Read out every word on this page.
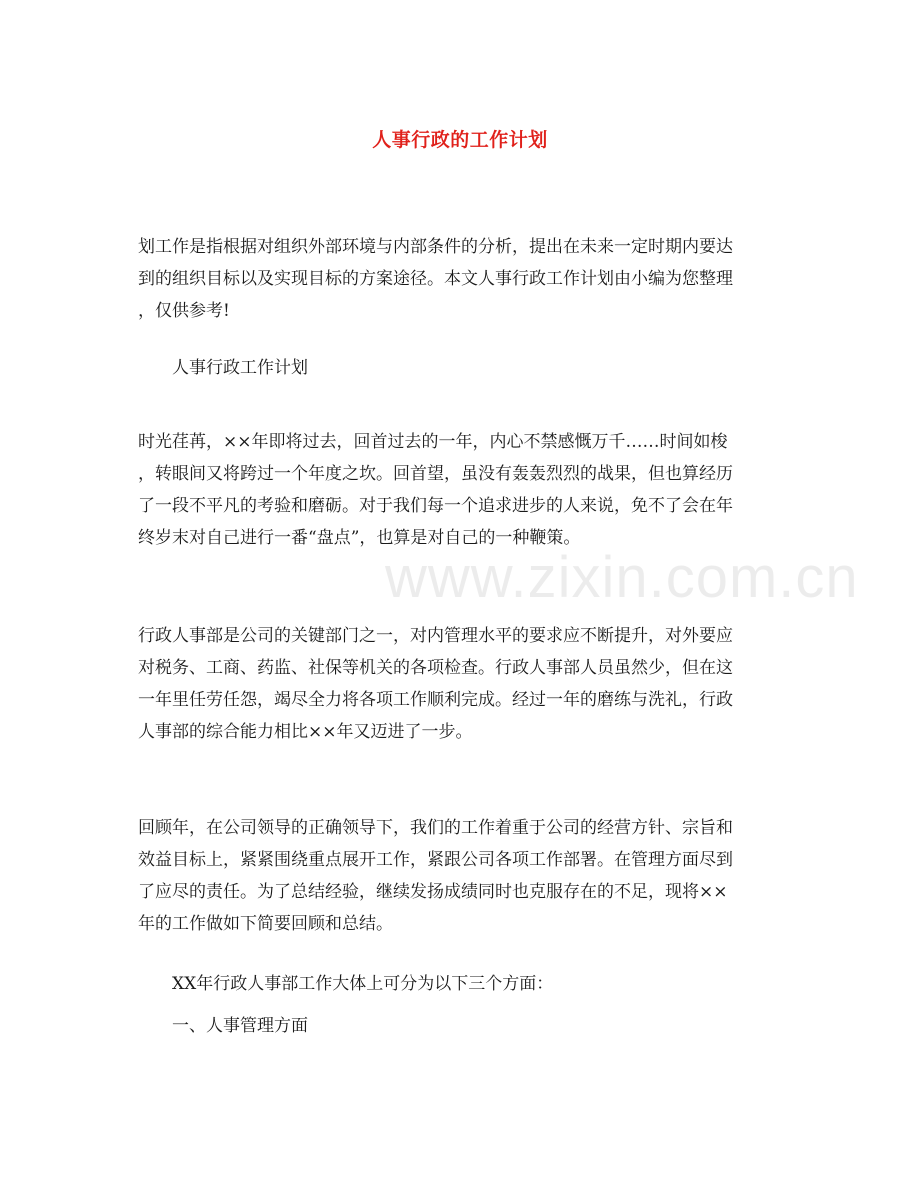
人事行政的工作计划
划工作是指根据对组织外部环境与内部条件的分析，提出在未来一定时期内要达
到的组织目标以及实现目标的方案途径。本文人事行政工作计划由小编为您整理
，仅供参考!
人事行政工作计划
时光荏苒，××年即将过去，回首过去的一年，内心不禁感慨万千……时间如梭
，转眼间又将跨过一个年度之坎。回首望，虽没有轰轰烈烈的战果，但也算经历
了一段不平凡的考验和磨砺。对于我们每一个追求进步的人来说，免不了会在年
终岁末对自己进行一番“盘点”，也算是对自己的一种鞭策。
行政人事部是公司的关键部门之一，对内管理水平的要求应不断提升，对外要应
对税务、工商、药监、社保等机关的各项检查。行政人事部人员虽然少，但在这
一年里任劳任怨，竭尽全力将各项工作顺利完成。经过一年的磨练与洗礼，行政
人事部的综合能力相比××年又迈进了一步。
回顾年，在公司领导的正确领导下，我们的工作着重于公司的经营方针、宗旨和
效益目标上，紧紧围绕重点展开工作，紧跟公司各项工作部署。在管理方面尽到
了应尽的责任。为了总结经验，继续发扬成绩同时也克服存在的不足，现将××
年的工作做如下简要回顾和总结。
XX年行政人事部工作大体上可分为以下三个方面：
一、人事管理方面
www.zixin.com.cn
